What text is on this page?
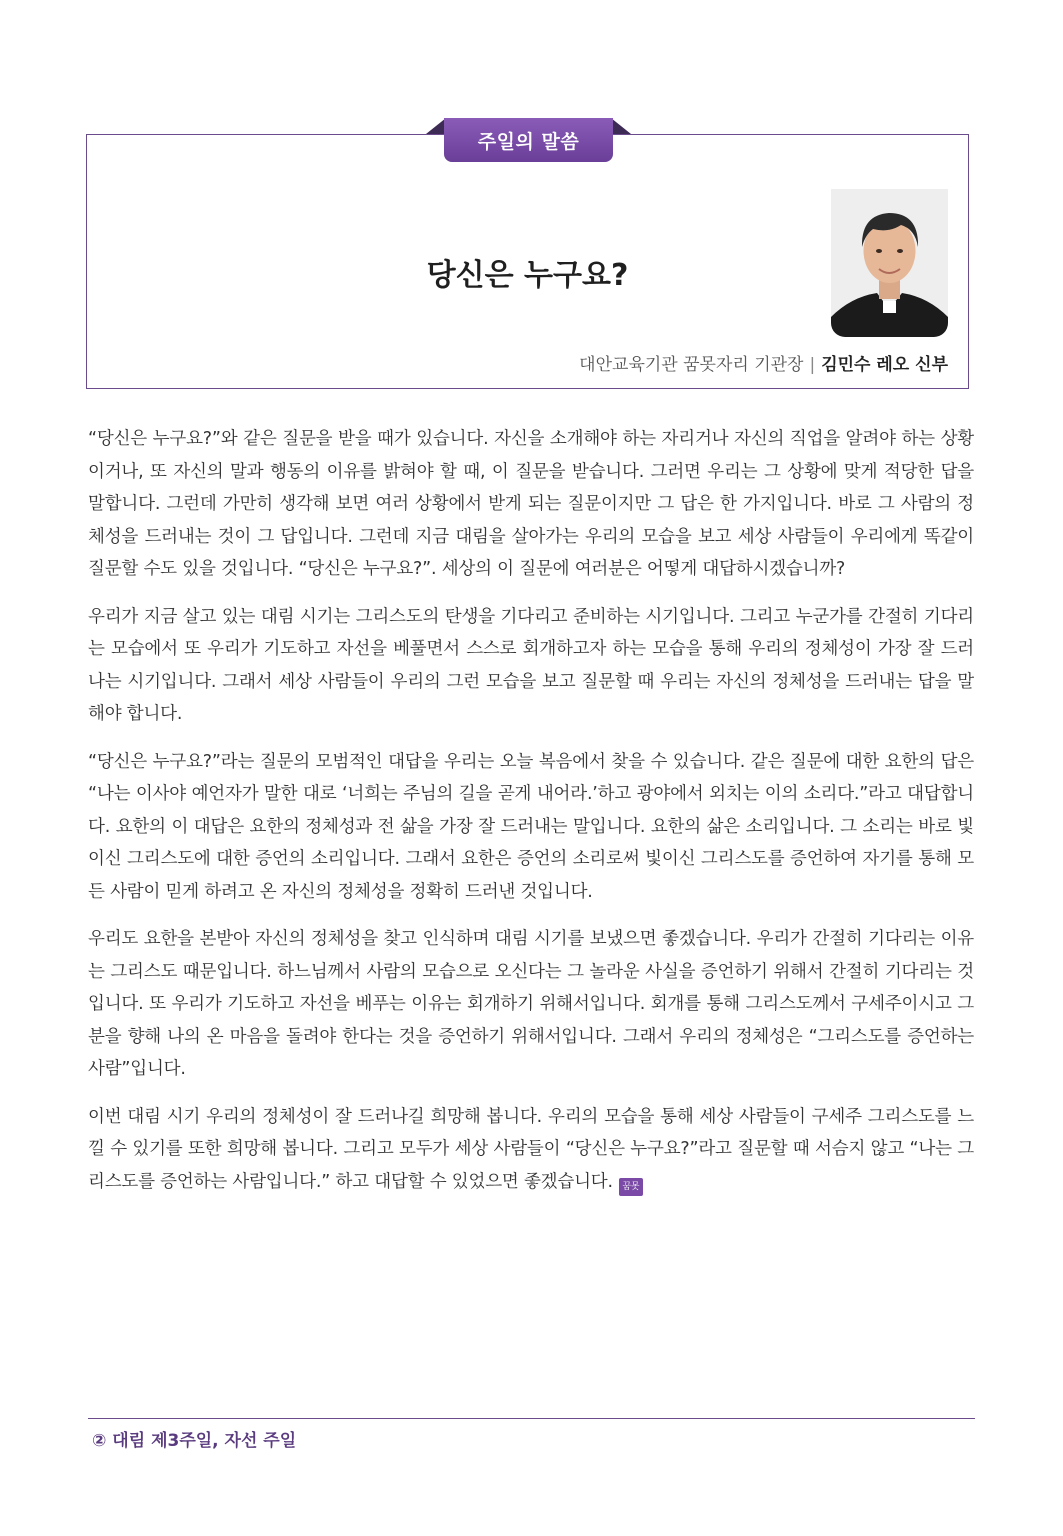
주일의 말씀
당신은 누구요?
대안교육기관 꿈못자리 기관장 | 김민수 레오 신부

“당신은 누구요?”와 같은 질문을 받을 때가 있습니다. 자신을 소개해야 하는 자리거나 자신의 직업을 알려야 하는 상황이거나, 또 자신의 말과 행동의 이유를 밝혀야 할 때, 이 질문을 받습니다. 그러면 우리는 그 상황에 맞게 적당한 답을 말합니다. 그런데 가만히 생각해 보면 여러 상황에서 받게 되는 질문이지만 그 답은 한 가지입니다. 바로 그 사람의 정체성을 드러내는 것이 그 답입니다. 그런데 지금 대림을 살아가는 우리의 모습을 보고 세상 사람들이 우리에게 똑같이 질문할 수도 있을 것입니다. “당신은 누구요?”. 세상의 이 질문에 여러분은 어떻게 대답하시겠습니까?

우리가 지금 살고 있는 대림 시기는 그리스도의 탄생을 기다리고 준비하는 시기입니다. 그리고 누군가를 간절히 기다리는 모습에서 또 우리가 기도하고 자선을 베풀면서 스스로 회개하고자 하는 모습을 통해 우리의 정체성이 가장 잘 드러나는 시기입니다. 그래서 세상 사람들이 우리의 그런 모습을 보고 질문할 때 우리는 자신의 정체성을 드러내는 답을 말해야 합니다.

“당신은 누구요?”라는 질문의 모범적인 대답을 우리는 오늘 복음에서 찾을 수 있습니다. 같은 질문에 대한 요한의 답은 “나는 이사야 예언자가 말한 대로 ‘너희는 주님의 길을 곧게 내어라.’하고 광야에서 외치는 이의 소리다.”라고 대답합니다. 요한의 이 대답은 요한의 정체성과 전 삶을 가장 잘 드러내는 말입니다. 요한의 삶은 소리입니다. 그 소리는 바로 빛이신 그리스도에 대한 증언의 소리입니다. 그래서 요한은 증언의 소리로써 빛이신 그리스도를 증언하여 자기를 통해 모든 사람이 믿게 하려고 온 자신의 정체성을 정확히 드러낸 것입니다.

우리도 요한을 본받아 자신의 정체성을 찾고 인식하며 대림 시기를 보냈으면 좋겠습니다. 우리가 간절히 기다리는 이유는 그리스도 때문입니다. 하느님께서 사람의 모습으로 오신다는 그 놀라운 사실을 증언하기 위해서 간절히 기다리는 것입니다. 또 우리가 기도하고 자선을 베푸는 이유는 회개하기 위해서입니다. 회개를 통해 그리스도께서 구세주이시고 그분을 향해 나의 온 마음을 돌려야 한다는 것을 증언하기 위해서입니다. 그래서 우리의 정체성은 “그리스도를 증언하는 사람”입니다.

이번 대림 시기 우리의 정체성이 잘 드러나길 희망해 봅니다. 우리의 모습을 통해 세상 사람들이 구세주 그리스도를 느낄 수 있기를 또한 희망해 봅니다. 그리고 모두가 세상 사람들이 “당신은 누구요?”라고 질문할 때 서슴지 않고 “나는 그리스도를 증언하는 사람입니다.” 하고 대답할 수 있었으면 좋겠습니다. 꿈못

② 대림 제3주일, 자선 주일
